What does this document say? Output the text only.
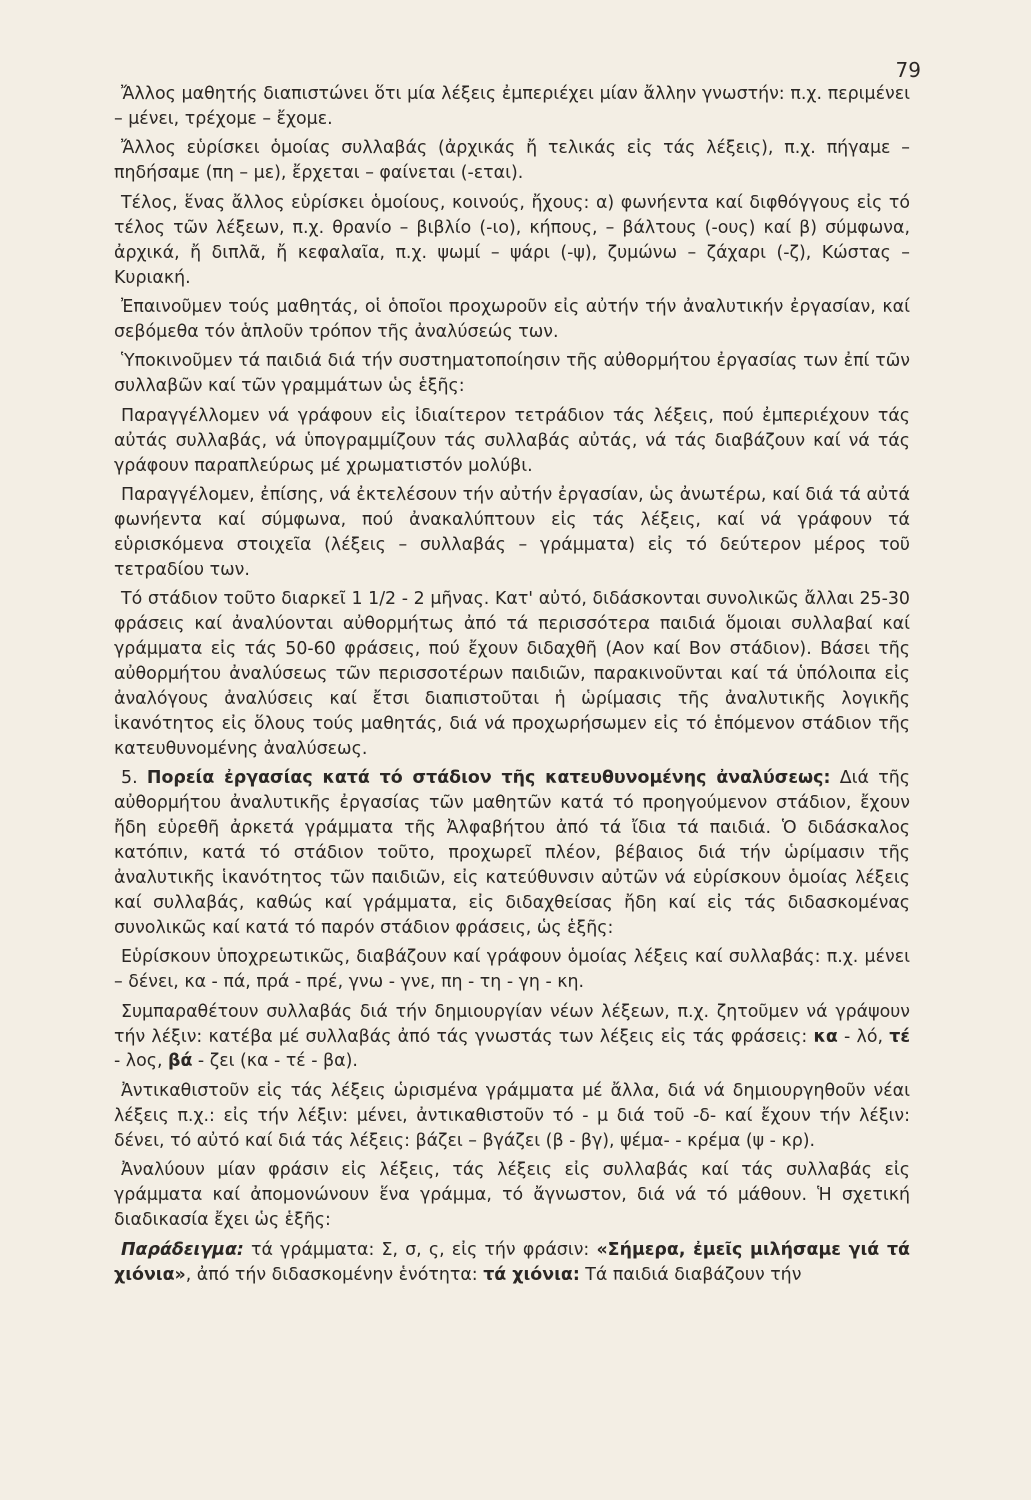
79

Ἄλλος μαθητής διαπιστώνει ὅτι μία λέξεις ἐμπεριέχει μίαν ἄλλην γνωστήν: π.χ. περιμένει – μένει, τρέχομε – ἔχομε.

Ἄλλος εὑρίσκει ὁμοίας συλλαβάς (ἀρχικάς ἤ τελικάς εἰς τάς λέξεις), π.χ. πήγαμε – πηδήσαμε (πη – με), ἔρχεται – φαίνεται (-εται).

Τέλος, ἕνας ἄλλος εὑρίσκει ὁμοίους, κοινούς, ἤχους: α) φωνήεντα καί διφθόγγους εἰς τό τέλος τῶν λέξεων, π.χ. θρανίο – βιβλίο (-ιο), κήπους, – βάλτους (-ους) καί β) σύμφωνα, ἀρχικά, ἤ διπλᾶ, ἤ κεφαλαῖα, π.χ. ψωμί – ψάρι (-ψ), ζυμώνω – ζάχαρι (-ζ), Κώστας – Κυριακή.

Ἐπαινοῦμεν τούς μαθητάς, οἱ ὁποῖοι προχωροῦν εἰς αὐτήν τήν ἀναλυτικήν ἐργασίαν, καί σεβόμεθα τόν ἁπλοῦν τρόπον τῆς ἀναλύσεώς των.

Ὑποκινοῦμεν τά παιδιά διά τήν συστηματοποίησιν τῆς αὐθορμήτου ἐργασίας των ἐπί τῶν συλλαβῶν καί τῶν γραμμάτων ὡς ἑξῆς:

Παραγγέλλομεν νά γράφουν εἰς ἰδιαίτερον τετράδιον τάς λέξεις, πού ἐμπεριέχουν τάς αὐτάς συλλαβάς, νά ὑπογραμμίζουν τάς συλλαβάς αὐτάς, νά τάς διαβάζουν καί νά τάς γράφουν παραπλεύρως μέ χρωματιστόν μολύβι.

Παραγγέλομεν, ἐπίσης, νά ἐκτελέσουν τήν αὐτήν ἐργασίαν, ὡς ἀνωτέρω, καί διά τά αὐτά φωνήεντα καί σύμφωνα, πού ἀνακαλύπτουν εἰς τάς λέξεις, καί νά γράφουν τά εὑρισκόμενα στοιχεῖα (λέξεις – συλλαβάς – γράμματα) εἰς τό δεύτερον μέρος τοῦ τετραδίου των.

Τό στάδιον τοῦτο διαρκεῖ 1 1/2 - 2 μῆνας. Κατ' αὐτό, διδάσκονται συνολικῶς ἄλλαι 25-30 φράσεις καί ἀναλύονται αὐθορμήτως ἀπό τά περισσότερα παιδιά ὅμοιαι συλλαβαί καί γράμματα εἰς τάς 50-60 φράσεις, πού ἔχουν διδαχθῆ (Αον καί Βον στάδιον). Βάσει τῆς αὐθορμήτου ἀναλύσεως τῶν περισσοτέρων παιδιῶν, παρακινοῦνται καί τά ὑπόλοιπα εἰς ἀναλόγους ἀναλύσεις καί ἔτσι διαπιστοῦται ἡ ὡρίμασις τῆς ἀναλυτικῆς λογικῆς ἱκανότητος εἰς ὅλους τούς μαθητάς, διά νά προχωρήσωμεν εἰς τό ἑπόμενον στάδιον τῆς κατευθυνομένης ἀναλύσεως.

5. Πορεία ἐργασίας κατά τό στάδιον τῆς κατευθυνομένης ἀναλύσεως: Διά τῆς αὐθορμήτου ἀναλυτικῆς ἐργασίας τῶν μαθητῶν κατά τό προηγούμενον στάδιον, ἔχουν ἤδη εὑρεθῆ ἀρκετά γράμματα τῆς Ἀλφαβήτου ἀπό τά ἴδια τά παιδιά. Ὁ διδάσκαλος κατόπιν, κατά τό στάδιον τοῦτο, προχωρεῖ πλέον, βέβαιος διά τήν ὡρίμασιν τῆς ἀναλυτικῆς ἱκανότητος τῶν παιδιῶν, εἰς κατεύθυνσιν αὐτῶν νά εὑρίσκουν ὁμοίας λέξεις καί συλλαβάς, καθώς καί γράμματα, εἰς διδαχθείσας ἤδη καί εἰς τάς διδασκομένας συνολικῶς καί κατά τό παρόν στάδιον φράσεις, ὡς ἑξῆς:

Εὑρίσκουν ὑποχρεωτικῶς, διαβάζουν καί γράφουν ὁμοίας λέξεις καί συλλαβάς: π.χ. μένει – δένει, κα - πά, πρά - πρέ, γνω - γνε, πη - τη - γη - κη.

Συμπαραθέτουν συλλαβάς διά τήν δημιουργίαν νέων λέξεων, π.χ. ζητοῦμεν νά γράψουν τήν λέξιν: κατέβα μέ συλλαβάς ἀπό τάς γνωστάς των λέξεις εἰς τάς φράσεις: κα - λό, τέ - λος, βά - ζει (κα - τέ - βα).

Ἀντικαθιστοῦν εἰς τάς λέξεις ὡρισμένα γράμματα μέ ἄλλα, διά νά δημιουργηθοῦν νέαι λέξεις π.χ.: εἰς τήν λέξιν: μένει, ἀντικαθιστοῦν τό - μ διά τοῦ -δ- καί ἔχουν τήν λέξιν: δένει, τό αὐτό καί διά τάς λέξεις: βάζει – βγάζει (β - βγ), ψέμα- - κρέμα (ψ - κρ).

Ἀναλύουν μίαν φράσιν εἰς λέξεις, τάς λέξεις εἰς συλλαβάς καί τάς συλλαβάς εἰς γράμματα καί ἀπομονώνουν ἕνα γράμμα, τό ἄγνωστον, διά νά τό μάθουν. Ἡ σχετική διαδικασία ἔχει ὡς ἑξῆς:

Παράδειγμα: τά γράμματα: Σ, σ, ς, εἰς τήν φράσιν: «Σήμερα, ἐμεῖς μιλήσαμε γιά τά χιόνια», ἀπό τήν διδασκομένην ἑνότητα: τά χιόνια: Τά παιδιά διαβάζουν τήν
